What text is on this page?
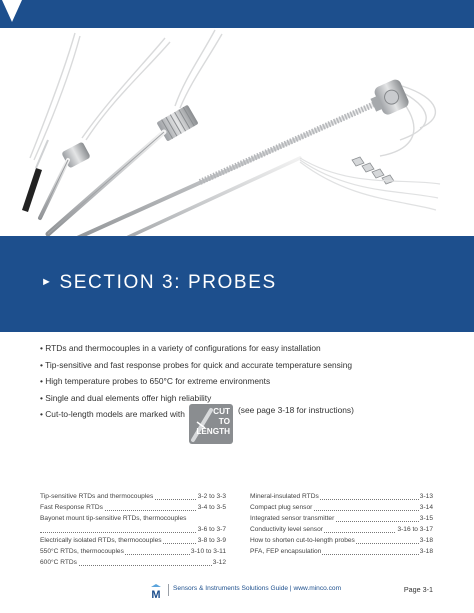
► SECTION 3: PROBES
• RTDs and thermocouples in a variety of configurations for easy installation
• Tip-sensitive and fast response probes for quick and accurate temperature sensing
• High temperature probes to 650°C for extreme environments
• Single and dual elements offer high reliability
• Cut-to-length models are marked with	CUT
TO
LENGTH
(see page 3-18 for instructions)
Tip-sensitive RTDs and thermocouples	3-2 to 3-3
Fast Response RTDs	3-4 to 3-5
Bayonet mount tip-sensitive RTDs, thermocouples
3-6 to 3-7
Electrically isolated RTDs, thermocouples	3-8 to 3-9
550°C RTDs, thermocouples	3-10 to 3-11
600°C RTDs	3-12
Mineral-insulated RTDs	3-13
Compact plug sensor	3-14
Integrated sensor transmitter	3-15
Conductivity level sensor	3-16 to 3-17
How to shorten cut-to-length probes	3-18
PFA, FEP encapsulation	3-18
M
Sensors & Instruments Solutions Guide | www.minco.com	Page 3-1
